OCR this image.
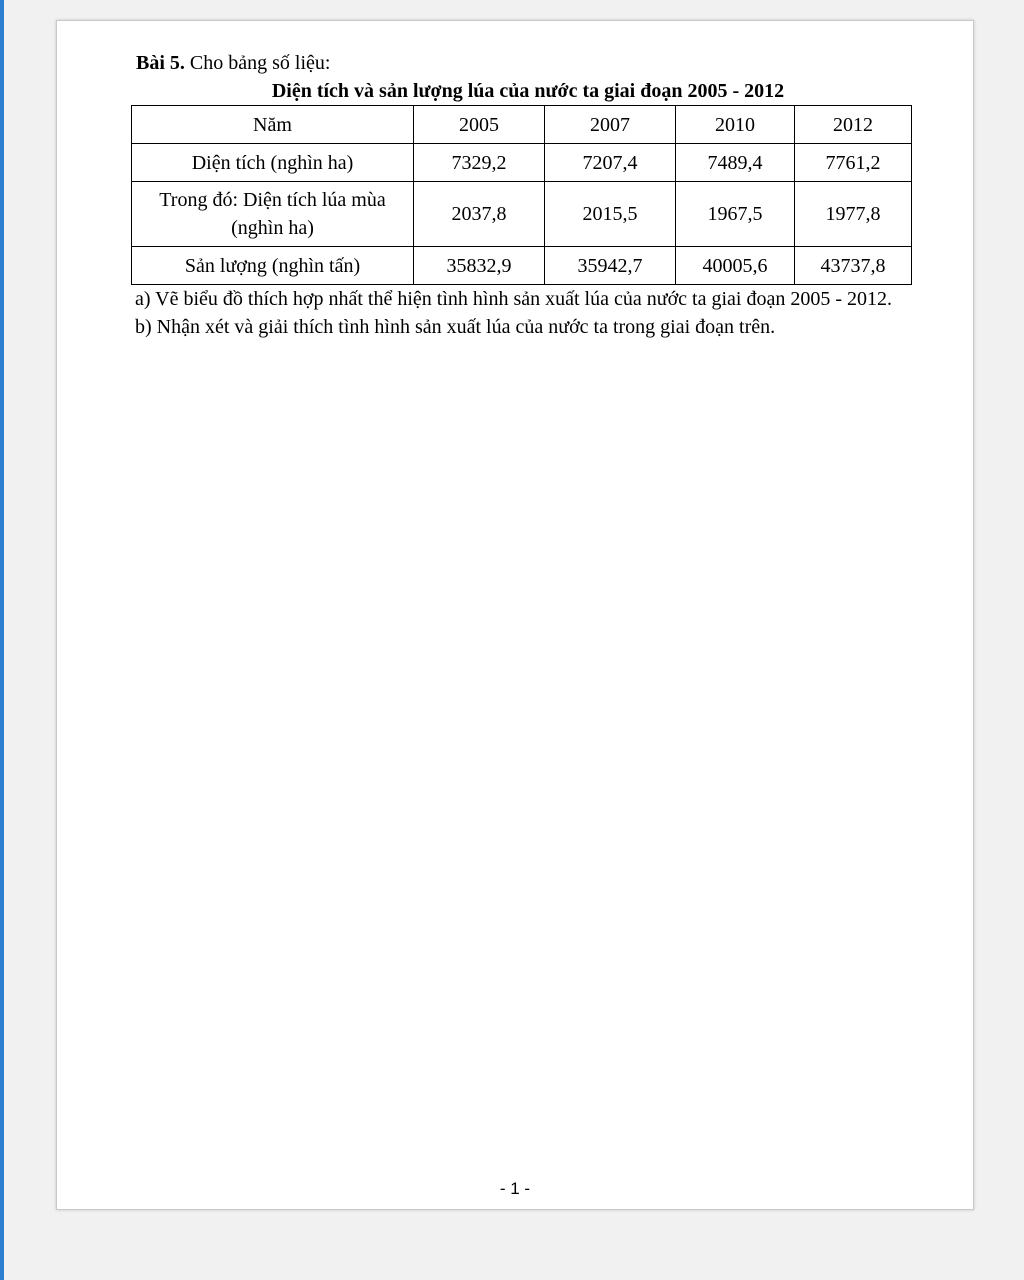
Bài 5. Cho bảng số liệu:

Diện tích và sản lượng lúa của nước ta giai đoạn 2005 - 2012

Năm	2005	2007	2010	2012
Diện tích (nghìn ha)	7329,2	7207,4	7489,4	7761,2
Trong đó: Diện tích lúa mùa (nghìn ha)	2037,8	2015,5	1967,5	1977,8
Sản lượng (nghìn tấn)	35832,9	35942,7	40005,6	43737,8

a) Vẽ biểu đồ thích hợp nhất thể hiện tình hình sản xuất lúa của nước ta giai đoạn 2005 - 2012.

b) Nhận xét và giải thích tình hình sản xuất lúa của nước ta trong giai đoạn trên.

- 1 -
